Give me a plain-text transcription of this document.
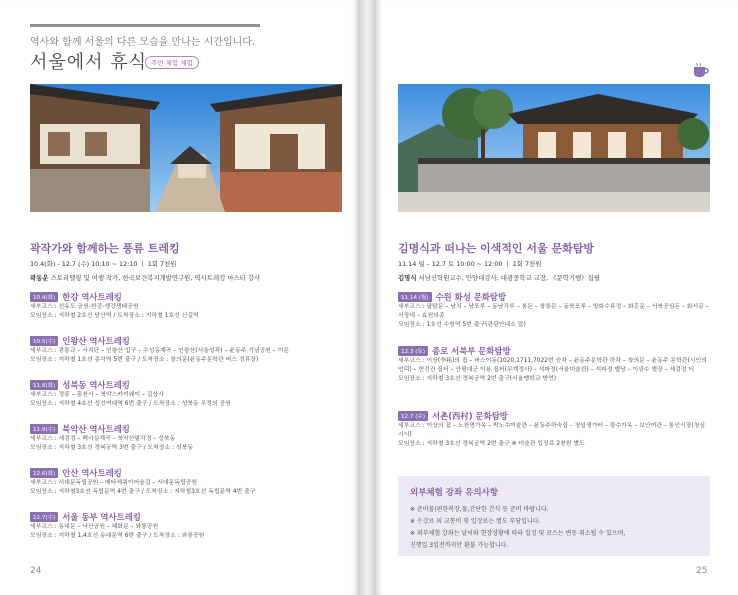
역사와 함께 서울의 다른 모습을 만나는 시간입니다.
서울에서 휴식 주민 체험 체험
곽작가와 함께하는 풍류 트레킹
10.4(화) - 12.7 (수) 10:10 ~ 12:10 ㅣ 1회 7천원
곽동운 스토리텔링 및 여행 작가, 한국보건복지개발연구원, 역사트레킹 마스터 강사
10.4(화) 한강 역사트레킹
세부코스 : 선유도 공원-한강-생강생태공원
모임장소 : 지하철 2호선 당산역 / 도착장소 : 지하철 1호선 신길역
10.5(수) 인왕산 역사트레킹
세부코스 : 광통교 – 사직단 – 인왕산 입구 – 수성동계곡 – 인왕산(서울성곽) – 윤동주 기념공원 – 이문
모임장소 : 지하철 1호선 종각역 5번 출구 / 도착장소 : 창의문(윤동주문학관 버스 정류장)
11.8(화) 성북동 역사트레킹
세부코스 : 정릉 – 흥천사 – 북악스카이웨이 – 길상사
모임장소 : 지하철 4호선 성신여대역 6번 출구 / 도착장소 : 성북동 우정의 공원
11.9(수) 북악산 역사트레킹
세부코스 : 세검정 – 백사실계곡 – 북악산팔각정 – 성북동
모임장소 : 지하철 3호선 경복궁역 3번 출구 / 도착장소 : 성북동
12.6(화) 안산 역사트레킹
세부코스 : 서대문독립공원 – 메타세쿼이어숲길 – 서대문독립공원
모임장소 : 지하철3호선 독립문역 4번 출구 / 도착장소 : 지하철3호선 독립문역 4번 출구
12.7(수) 서울 동부 역사트레킹
세부코스 : 동대문 – 낙산공원 – 혜화문 – 와룡공원
모임장소 : 지하철 1,4호선 동대문역 6번 출구 / 도착장소 : 와룡공원
24
김명식과 떠나는 이색적인 서울 문화탐방
11.14 월 – 12.7 토 10:00 ~ 12:00 ㅣ 1회 7천원
김명식 서남신학원교수, 안양대강사, 대광중학교 교장, 《문학기행》집필
11.14 (월) 수원 화성 문화탐방
세부코스 : 팔달문 – 남치 – 남포루 – 동남각루 – 봉돈 – 창룡문 – 동북포루 – 방화수류정 – 화홍문 – 서북공심돈 – 화서문 – 서장대 – 효원의종
모임장소 : 1호선 수원역 5번 출구(관광안내소 앞)
12.3 (토) 종로 서북부 문화탐방
세부코스 : 이상(李箱)의 집 – 버스이동(1020,1711,7022번 승차 – 윤동주문학관 하차 – 창의문 – 윤동주 문학관(시인의 언덕) – 현진건 집터 – 안평대군 이용 집터(무계정사) – 석파정(서울미술관) – 석파정 별당 – 이광수 별장 – 세검정 터
모임장소 : 지하철 3호선 경복궁역 2번 출구(서울맹학교 방면)
12.7 (수) 서촌(西村) 문화탐방
세부코스 : 이상의 집 – 노천명가옥 – 박노수미술관 – 윤동주하숙집 – 청일생가터 – 광수가옥 – 보안여관 – 통인시장(청심시시)
모임장소 : 지하철 3호선 경복궁역 2번 출구 ※ 미술관 입장료 2천원 별도
외부체험 강좌 유의사항
※ 준비물(편한복장,물,간단한 간식 등 준비 바랍니다.
※ 수강료 외 교통비 및 입장료는 별도 부담입니다.
※ 외부체험 강좌는 날씨와 현장상황에 따라 일정 및 코스는 변동 취소될 수 있으며,
진행일 3일전까지만 환불 가능합니다.
25
